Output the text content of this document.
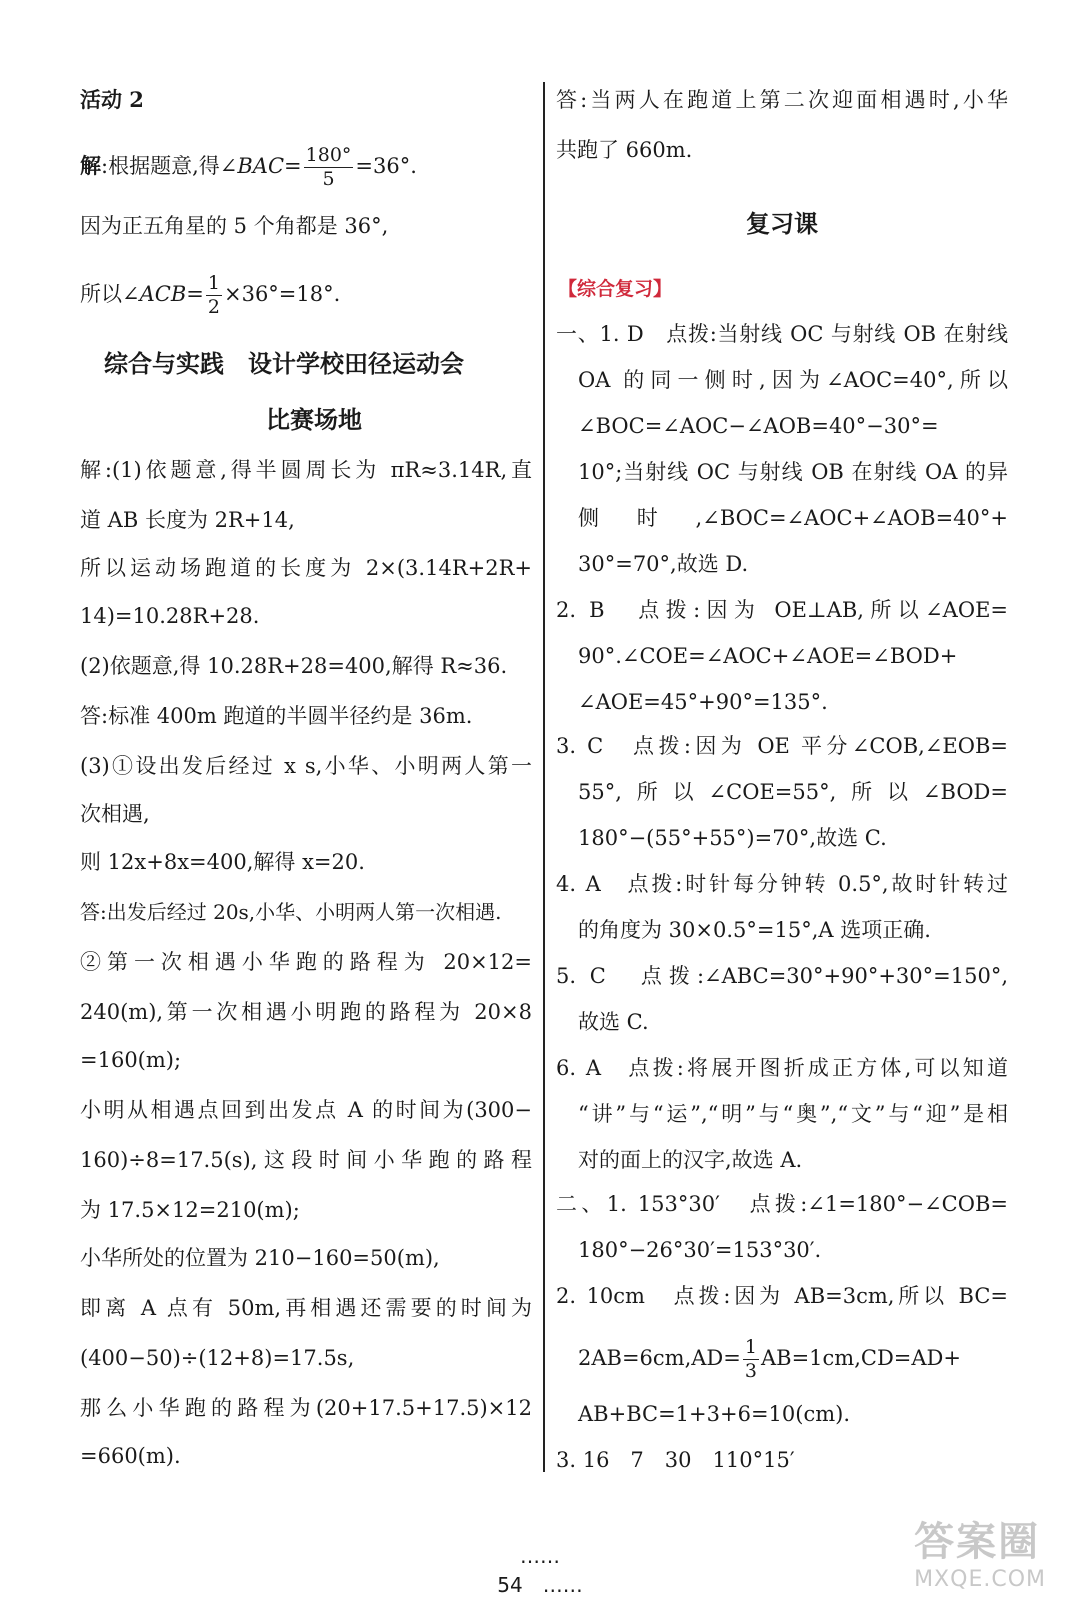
活动 2
解:根据题意,得∠BAC= $\frac{180^\circ}{5} =36^\circ$.
因为正五角星的 5 个角都是 36°,
所以∠ACB= $\frac{1}{2} \times 36^\circ=18^\circ$.
综合与实践　设计学校田径运动会
比赛场地
解:(1)依题意,得半圆周长为 πR≈3.14R,直
道 AB 长度为 2R+14,
所以运动场跑道的长度为 2×(3.14R+2R+
14)=10.28R+28.
(2)依题意,得 10.28R+28=400,解得 R≈36.
答:标准 400m 跑道的半圆半径约是 36m.
(3)①设出发后经过 x s,小华、小明两人第一
次相遇,
则 12x+8x=400,解得 x=20.
答:出发后经过 20s,小华、小明两人第一次相遇.
②第一次相遇小华跑的路程为 20×12=
240(m),第一次相遇小明跑的路程为 20×8
=160(m);
小明从相遇点回到出发点 A 的时间为(300−
160)÷8=17.5(s),这段时间小华跑的路程
为 17.5×12=210(m);
小华所处的位置为 210−160=50(m),
即离 A 点有 50m,再相遇还需要的时间为
(400−50)÷(12+8)=17.5s,
那么小华跑的路程为(20+17.5+17.5)×12
=660(m).
答:当两人在跑道上第二次迎面相遇时,小华
共跑了 660m.
复习课
【综合复习】
一、1. D　点拨:当射线 OC 与射线 OB 在射线
OA 的同一侧时,因为∠AOC=40°,所以
∠BOC=∠AOC−∠AOB=40°−30°=
10°;当射线 OC 与射线 OB 在射线 OA 的异
侧时,∠BOC=∠AOC+∠AOB=40°+
30°=70°,故选 D.
2. B　点拨:因为 OE⊥AB,所以∠AOE=
90°.∠COE=∠AOC+∠AOE=∠BOD+
∠AOE=45°+90°=135°.
3. C　点拨:因为 OE 平分∠COB,∠EOB=
55°,所以∠COE=55°,所以∠BOD=
180°−(55°+55°)=70°,故选 C.
4. A　点拨:时针每分钟转 0.5°,故时针转过
的角度为 30×0.5°=15°,A 选项正确.
5. C　点拨:∠ABC=30°+90°+30°=150°,
故选 C.
6. A　点拨:将展开图折成正方体,可以知道
“讲”与“运”,“明”与“奥”,“文”与“迎”是相
对的面上的汉字,故选 A.
二、1. 153°30′　点拨:∠1=180°−∠COB=
180°−26°30′=153°30′.
2. 10cm　点拨:因为 AB=3cm,所以 BC=
$2AB=6cm,AD= \frac{1}{3} AB=1cm,CD=AD+$
AB+BC=1+3+6=10(cm).
3. 16　7　30　110°15′
……　54　……
答案圈
MXQE.COM
